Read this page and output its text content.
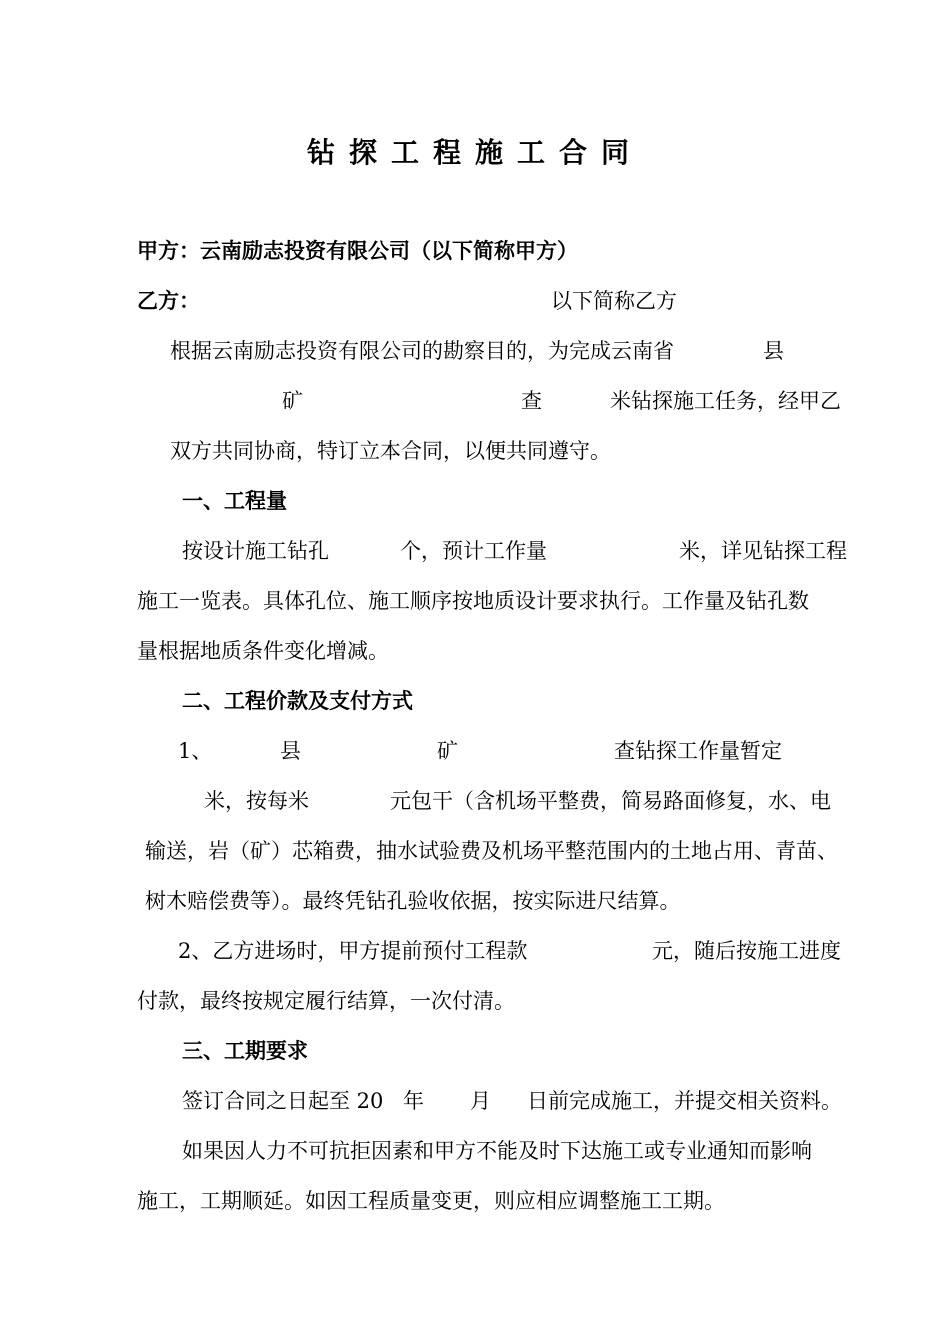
钻探工程施工合同
甲方：云南励志投资有限公司（以下简称甲方）
乙方：	以下简称乙方
根据云南励志投资有限公司的勘察目的，为完成云南省	县
矿	查	米钻探施工任务，经甲乙
双方共同协商，特订立本合同，以便共同遵守。
一、工程量
按设计施工钻孔	个，预计工作量	米，详见钻探工程
施工一览表。具体孔位、施工顺序按地质设计要求执行。工作量及钻孔数
量根据地质条件变化增减。
二、工程价款及支付方式
1、	县	矿	查钻探工作量暂定
米，按每米	元包干（含机场平整费，简易路面修复，水、电
输送，岩（矿）芯箱费，抽水试验费及机场平整范围内的土地占用、青苗、
树木赔偿费等）。最终凭钻孔验收依据，按实际进尺结算。
2、乙方进场时，甲方提前预付工程款	元，随后按施工进度
付款，最终按规定履行结算，一次付清。
三、工期要求
签订合同之日起至 20 年 月 日前完成施工，并提交相关资料。
如果因人力不可抗拒因素和甲方不能及时下达施工或专业通知而影响
施工，工期顺延。如因工程质量变更，则应相应调整施工工期。
